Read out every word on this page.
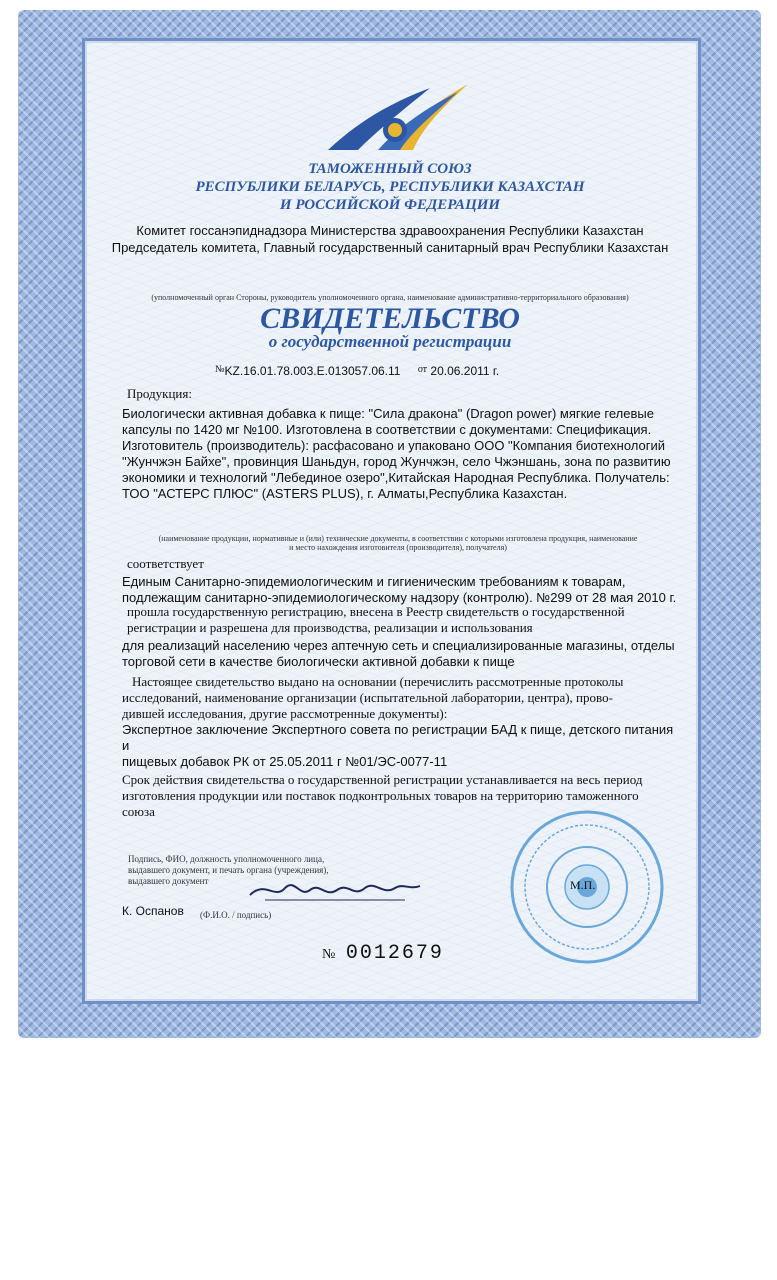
ТАМОЖЕННЫЙ СОЮЗ
РЕСПУБЛИКИ БЕЛАРУСЬ, РЕСПУБЛИКИ КАЗАХСТАН
И РОССИЙСКОЙ ФЕДЕРАЦИИ
Комитет госсанэпиднадзора Министерства здравоохранения Республики Казахстан
Председатель комитета, Главный государственный санитарный врач Республики Казахстан
(уполномоченный орган Стороны, руководитель уполномоченного органа, наименование административно-территориального образования)
СВИДЕТЕЛЬСТВО
о государственной регистрации
№KZ.16.01.78.003.E.013057.06.11 $^{от}$ 20.06.2011 г.
Продукция:
Биологически активная добавка к пище: "Сила дракона" (Dragon power) мягкие гелевые
капсулы по 1420 мг №100. Изготовлена в соответствии с документами: Спецификация.
Изготовитель (производитель): расфасовано и упаковано ООО "Компания биотехнологий
"Жунчжэн Байхе", провинция Шаньдун, город Жунчжэн, село Чжэншань, зона по развитию
экономики и технологий "Лебединое озеро",Китайская Народная Республика. Получатель:
ТОО "АСТЕРС ПЛЮС" (ASTERS PLUS), г. Алматы,Республика Казахстан.
(наименование продукции, нормативные и (или) технические документы, в соответствии с которыми изготовлена продукция, наименование
и место нахождения изготовителя (производителя), получателя)
соответствует
Единым Санитарно-эпидемиологическим и гигиеническим требованиям к товарам,
подлежащим санитарно-эпидемиологическому надзору (контролю). №299 от 28 мая 2010 г.
прошла государственную регистрацию, внесена в Реестр свидетельств о государственной
регистрации и разрешена для производства, реализации и использования
для реализаций населению через аптечную сеть и специализированные магазины, отделы
торговой сети в качестве биологически активной добавки к пище
Настоящее свидетельство выдано на основании (перечислить рассмотренные протоколы
исследований, наименование организации (испытательной лаборатории, центра), прово-
дившей исследования, другие рассмотренные документы):
Экспертное заключение Экспертного совета по регистрации БАД к пище, детского питания и
пищевых добавок РК от 25.05.2011 г №01/ЭС-0077-11
Срок действия свидетельства о государственной регистрации устанавливается на весь период
изготовления продукции или поставок подконтрольных товаров на территорию таможенного
союза
М.П.
Подпись, ФИО, должность уполномоченного лица,
выдавшего документ, и печать органа (учреждения),
выдавшего документ
К. Оспанов (Ф.И.О. / подпись)
№ 0012679
